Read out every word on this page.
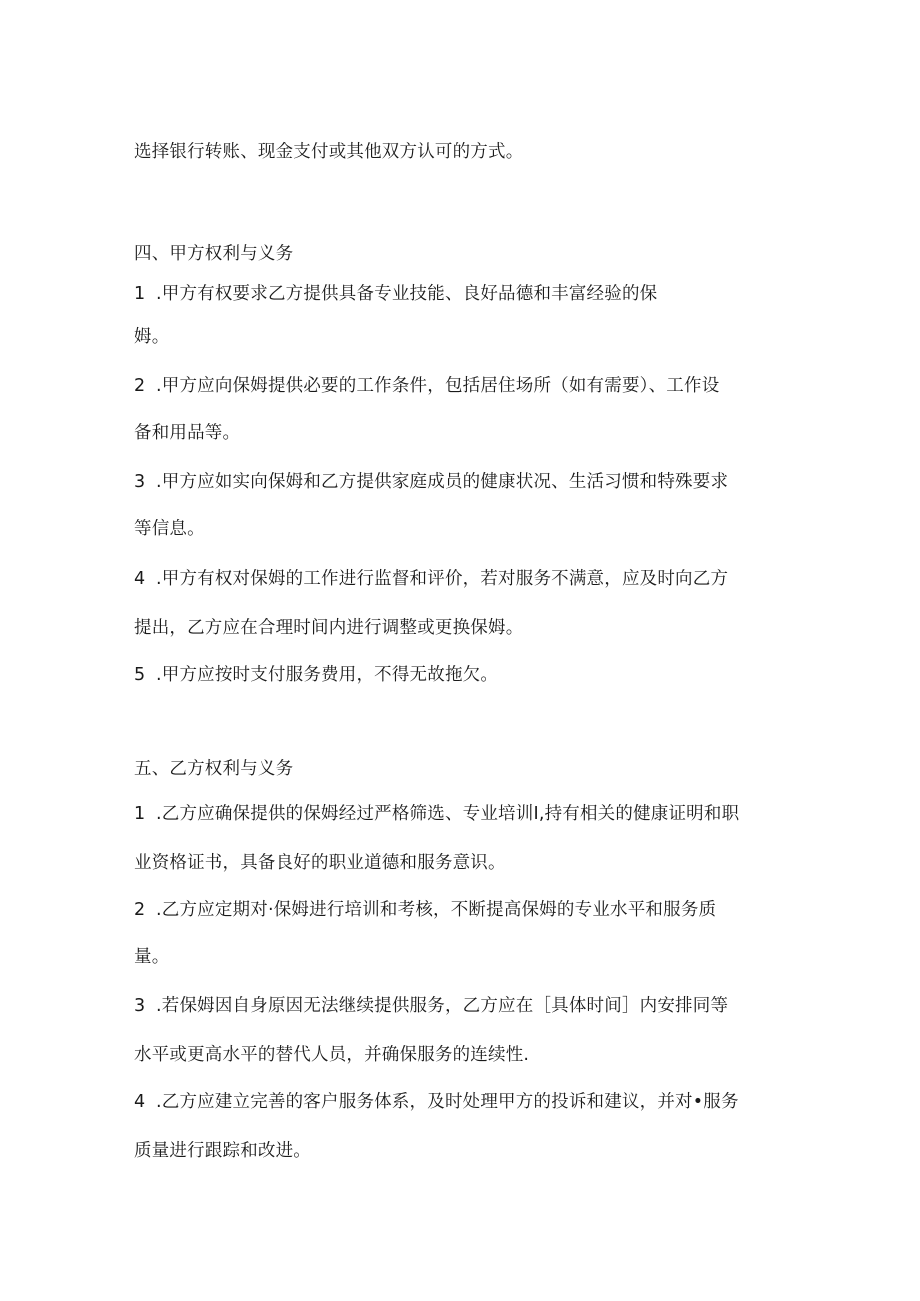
选择银行转账、现金支付或其他双方认可的方式。
四、甲方权利与义务
1 .甲方有权要求乙方提供具备专业技能、良好品德和丰富经验的保
姆。
2 .甲方应向保姆提供必要的工作条件，包括居住场所（如有需要）、工作设
备和用品等。
3 .甲方应如实向保姆和乙方提供家庭成员的健康状况、生活习惯和特殊要求
等信息。
4 .甲方有权对保姆的工作进行监督和评价，若对服务不满意，应及时向乙方
提出，乙方应在合理时间内进行调整或更换保姆。
5 .甲方应按时支付服务费用，不得无故拖欠。
五、乙方权利与义务
1 .乙方应确保提供的保姆经过严格筛选、专业培训I,持有相关的健康证明和职
业资格证书，具备良好的职业道德和服务意识。
2 .乙方应定期对·保姆进行培训和考核，不断提高保姆的专业水平和服务质
量。
3 .若保姆因自身原因无法继续提供服务，乙方应在［具体时间］内安排同等
水平或更高水平的替代人员，并确保服务的连续性.
4 .乙方应建立完善的客户服务体系，及时处理甲方的投诉和建议，并对•服务
质量进行跟踪和改进。
